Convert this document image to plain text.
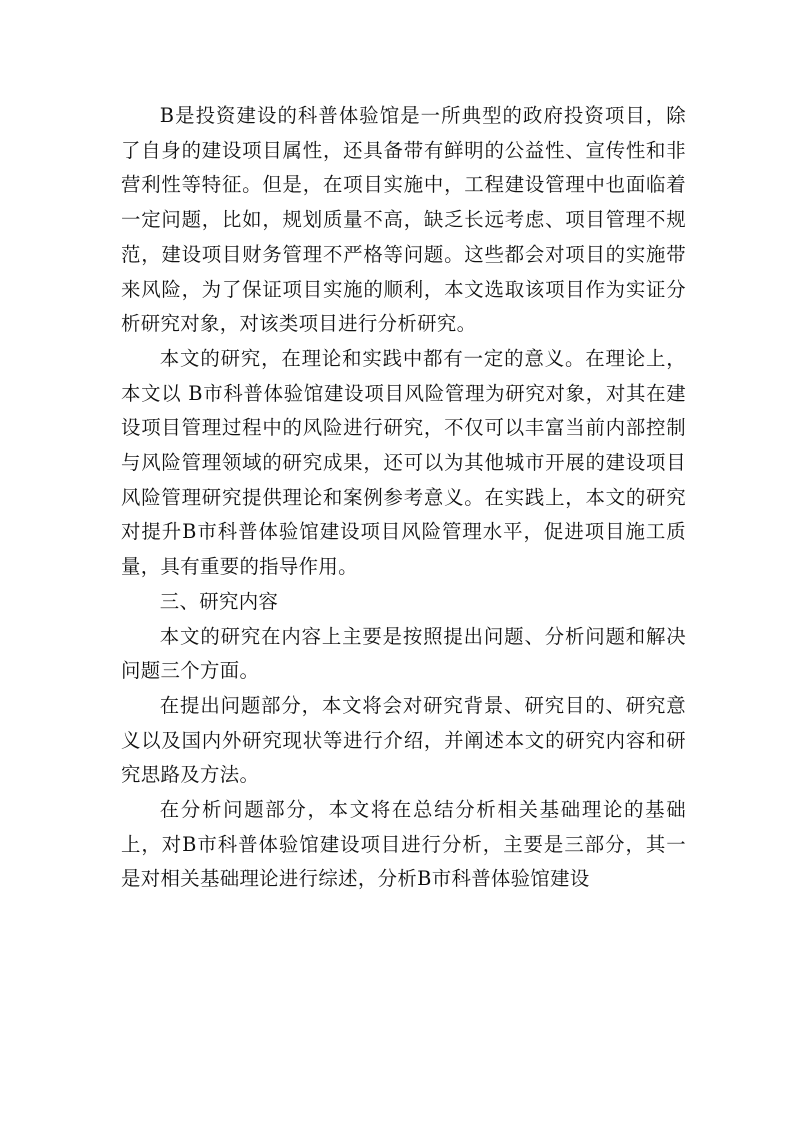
B是投资建设的科普体验馆是一所典型的政府投资项目，除了自身的建设项目属性，还具备带有鲜明的公益性、宣传性和非营利性等特征。但是，在项目实施中，工程建设管理中也面临着一定问题，比如，规划质量不高，缺乏长远考虑、项目管理不规范，建设项目财务管理不严格等问题。这些都会对项目的实施带来风险，为了保证项目实施的顺利，本文选取该项目作为实证分析研究对象，对该类项目进行分析研究。

本文的研究，在理论和实践中都有一定的意义。在理论上，本文以 B市科普体验馆建设项目风险管理为研究对象，对其在建设项目管理过程中的风险进行研究，不仅可以丰富当前内部控制与风险管理领域的研究成果，还可以为其他城市开展的建设项目风险管理研究提供理论和案例参考意义。在实践上，本文的研究对提升B市科普体验馆建设项目风险管理水平，促进项目施工质量，具有重要的指导作用。

三、研究内容

本文的研究在内容上主要是按照提出问题、分析问题和解决问题三个方面。

在提出问题部分，本文将会对研究背景、研究目的、研究意义以及国内外研究现状等进行介绍，并阐述本文的研究内容和研究思路及方法。

在分析问题部分，本文将在总结分析相关基础理论的基础上，对B市科普体验馆建设项目进行分析，主要是三部分，其一是对相关基础理论进行综述，分析B市科普体验馆建设
